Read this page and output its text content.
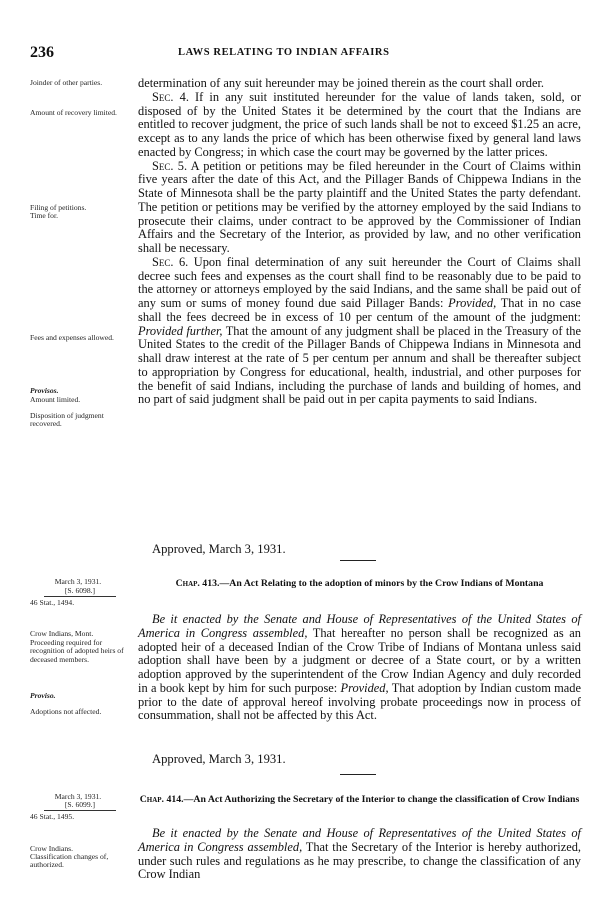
236	LAWS RELATING TO INDIAN AFFAIRS
Joinder of other parties.
Amount of recovery limited.
Filing of petitions.
Time for.
Fees and expenses allowed.
Provisos.
Amount limited.
Disposition of judgment recovered.
March 3, 1931.
[S. 6098.]
46 Stat., 1494.
Crow Indians, Mont.
Proceeding required for recognition of adopted heirs of deceased members.
Proviso.
Adoptions not affected.
March 3, 1931.
[S. 6099.]
46 Stat., 1495.
Crow Indians.
Classification changes of, authorized.
determination of any suit hereunder may be joined therein as the court shall order.
Sec. 4. If in any suit instituted hereunder for the value of lands taken, sold, or disposed of by the United States it be determined by the court that the Indians are entitled to recover judgment, the price of such lands shall be not to exceed $1.25 an acre, except as to any lands the price of which has been otherwise fixed by general land laws enacted by Congress; in which case the court may be governed by the latter prices.
Sec. 5. A petition or petitions may be filed hereunder in the Court of Claims within five years after the date of this Act, and the Pillager Bands of Chippewa Indians in the State of Minnesota shall be the party plaintiff and the United States the party defendant. The petition or petitions may be verified by the attorney employed by the said Indians to prosecute their claims, under contract to be approved by the Commissioner of Indian Affairs and the Secretary of the Interior, as provided by law, and no other verification shall be necessary.
Sec. 6. Upon final determination of any suit hereunder the Court of Claims shall decree such fees and expenses as the court shall find to be reasonably due to be paid to the attorney or attorneys employed by the said Indians, and the same shall be paid out of any sum or sums of money found due said Pillager Bands: Provided, That in no case shall the fees decreed be in excess of 10 per centum of the amount of the judgment: Provided further, That the amount of any judgment shall be placed in the Treasury of the United States to the credit of the Pillager Bands of Chippewa Indians in Minnesota and shall draw interest at the rate of 5 per centum per annum and shall be thereafter subject to appropriation by Congress for educational, health, industrial, and other purposes for the benefit of said Indians, including the purchase of lands and building of homes, and no part of said judgment shall be paid out in per capita payments to said Indians.
Approved, March 3, 1931.
Chap. 413.—An Act Relating to the adoption of minors by the Crow Indians of Montana
Be it enacted by the Senate and House of Representatives of the United States of America in Congress assembled, That hereafter no person shall be recognized as an adopted heir of a deceased Indian of the Crow Tribe of Indians of Montana unless said adoption shall have been by a judgment or decree of a State court, or by a written adoption approved by the superintendent of the Crow Indian Agency and duly recorded in a book kept by him for such purpose: Provided, That adoption by Indian custom made prior to the date of approval hereof involving probate proceedings now in process of consummation, shall not be affected by this Act.
Approved, March 3, 1931.
Chap. 414.—An Act Authorizing the Secretary of the Interior to change the classification of Crow Indians
Be it enacted by the Senate and House of Representatives of the United States of America in Congress assembled, That the Secretary of the Interior is hereby authorized, under such rules and regulations as he may prescribe, to change the classification of any Crow Indian
